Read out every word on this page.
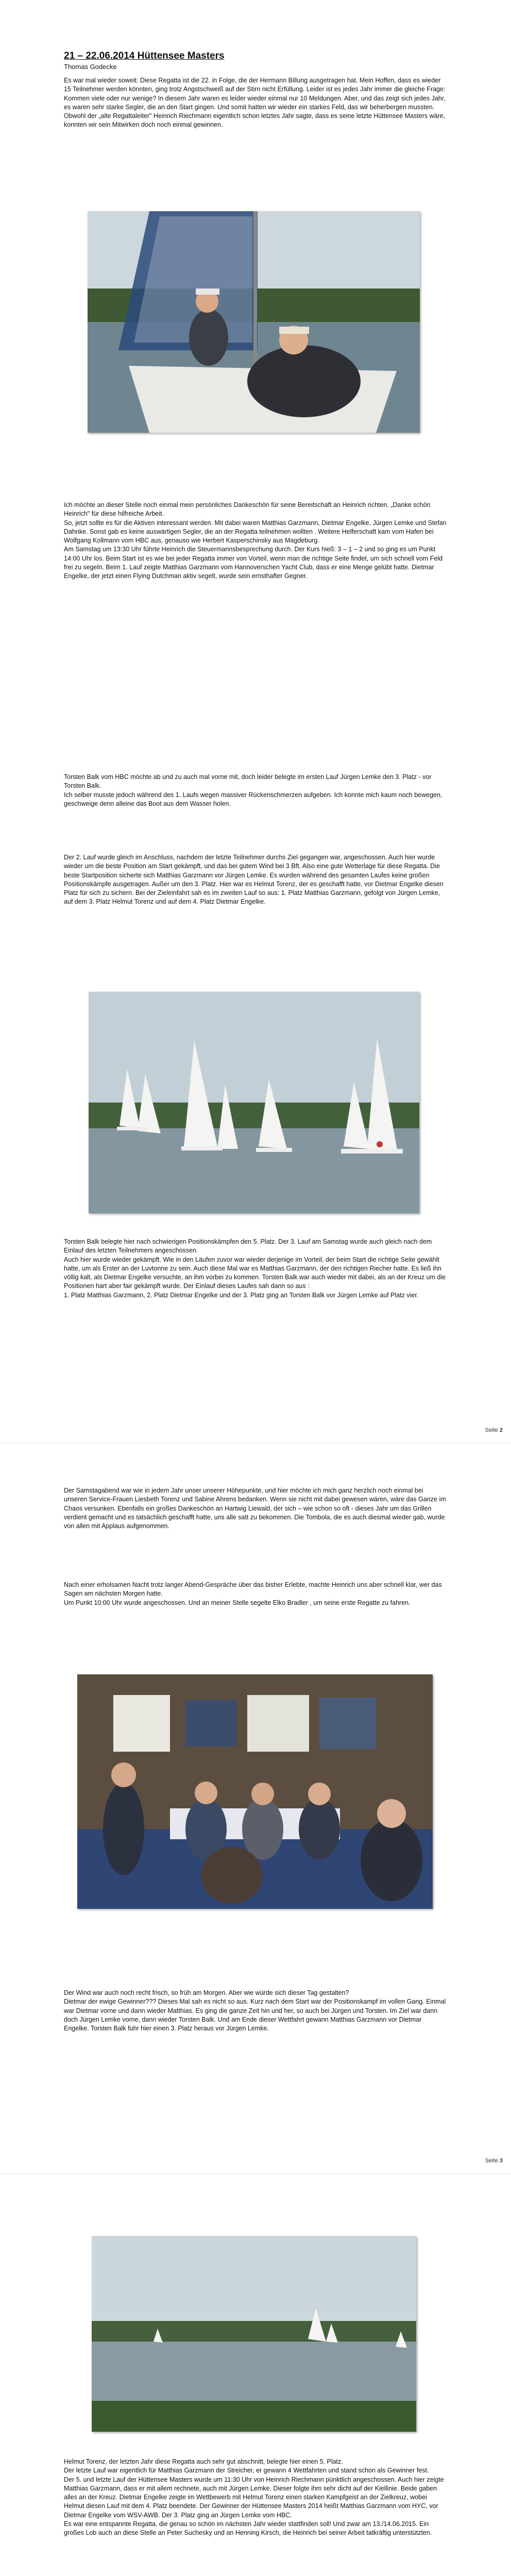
21 – 22.06.2014 Hüttensee Masters
Thomas Godecke

Es war mal wieder soweit. Diese Regatta ist die 22. in Folge, die der Hermann Billung ausgetragen hat. Mein Hoffen, dass es wieder 15 Teilnehmer werden könnten, ging trotz Angstschweiß auf der Stirn nicht Erfüllung. Leider ist es jedes Jahr immer die gleiche Frage: Kommen viele oder nur wenige? In diesem Jahr waren es leider wieder einmal nur 10 Meldungen. Aber, und das zeigt sich jedes Jahr, es waren sehr starke Segler, die an den Start gingen. Und somit hatten wir wieder ein starkes Feld, das wir beherbergen mussten. Obwohl der „alte Regattaleiter" Heinrich Riechmann eigentlich schon letztes Jahr sagte, dass es seine letzte Hüttensee Masters wäre, konnten wir sein Mitwirken doch noch einmal gewinnen.

Ich möchte an dieser Stelle noch einmal mein persönliches Dankeschön für seine Bereitschaft an Heinrich richten. „Danke schön Heinrich" für diese hilfreiche Arbeit.
So, jetzt sollte es für die Aktiven interessant werden. Mit dabei waren Matthias Garzmann, Dietmar Engelke, Jürgen Lemke und Stefan Dahnke. Sonst gab es keine auswärtigen Segler, die an der Regatta teilnehmen wollten . Weitere Helferschaft kam vom Hafen bei Wolfgang Kollmann vom HBC aus, genauso wie Herbert Kasperschinsky aus Magdeburg.
Am Samstag um 13:30 Uhr führte Heinrich die Steuermannsbesprechung durch. Der Kurs hieß: 3 – 1 – 2 und so ging es um Punkt 14:00 Uhr los. Beim Start ist es wie bei jeder Regatta immer von Vorteil, wenn man die richtige Seite findet, um sich schnell vom Feld frei zu segeln. Beim 1. Lauf zeigte Matthias Garzmann vom Hannoverschen Yacht Club, dass er eine Menge gelübt hatte. Dietmar Engelke, der jetzt einen Flying Dutchman aktiv segelt, wurde sein ernsthafter Gegner.

Torsten Balk vom HBC möchte ab und zu auch mal vorne mit, doch leider belegte im ersten Lauf Jürgen Lemke den 3. Platz - vor Torsten Balk.
Ich selber musste jedoch während des 1. Laufs wegen massiver Rückenschmerzen aufgeben. Ich konnte mich kaum noch bewegen, geschweige denn alleine das Boot aus dem Wasser holen.

Der 2. Lauf wurde gleich im Anschluss, nachdem der letzte Teilnehmer durchs Ziel gegangen war, angeschossen. Auch hier wurde wieder um die beste Position am Start gekämpft, und das bei gutem Wind bei 3 Bft. Also eine gute Wetterlage für diese Regatta. Die beste Startposition sicherte sich Matthias Garzmann vor Jürgen Lemke. Es wurden während des gesamten Laufes keine großen Positionskämpfe ausgetragen. Außer um den 3. Platz. Hier war es Helmut Torenz, der es geschafft hatte, vor Dietmar Engelke diesen Platz für sich zu sichern. Bei der Zieleinfahrt sah es im zweiten Lauf so aus: 1. Platz Matthias Garzmann, gefolgt von Jürgen Lemke, auf dem 3. Platz Helmut Torenz und auf dem 4. Platz Dietmar Engelke.

Torsten Balk belegte hier nach schwierigen Positionskämpfen den 5. Platz. Der 3. Lauf am Samstag wurde auch gleich nach dem Einlauf des letzten Teilnehmers angeschossen.
Auch hier wurde wieder gekämpft. Wie in den Läufen zuvor war wieder derjenige im Vorteil, der beim Start die richtige Seite gewählt hatte, um als Erster an der Luvtonne zu sein. Auch diese Mal war es Matthias Garzmann, der den richtigen Riecher hatte. Es ließ ihn völlig kalt, als Dietmar Engelke versuchte, an ihm vorbei zu kommen. Torsten Balk war auch wieder mit dabei, als an der Kreuz um die Positionen hart aber fair gekämpft wurde. Der Einlauf dieses Laufes sah dann so aus :
1. Platz Matthias Garzmann, 2. Platz Dietmar Engelke und der 3. Platz ging an Torsten Balk vor Jürgen Lemke auf Platz vier.

Seite 2

Der Samstagabend war wie in jedem Jahr unser unserer Höhepunkte, und hier möchte ich mich ganz herzlich noch einmal bei unseren Service-Frauen Liesbeth Torenz und Sabine Ahrens bedanken. Wenn sie nicht mit dabei gewesen wären, wäre das Ganze im Chaos versunken. Ebenfalls ein großes Dankeschön an Hartwig Liewald, der sich – wie schon so oft - dieses Jahr um das Grillen verdient gemacht und es tatsächlich geschafft hatte, uns alle satt zu bekommen. Die Tombola, die es auch diesmal wieder gab, wurde von allen mit Applaus aufgenommen.

Nach einer erholsamen Nacht trotz langer Abend-Gespräche über das bisher Erlebte, machte Heinrich uns aber schnell klar, wer das Sagen am nächsten Morgen hatte.
Um Punkt 10:00 Uhr wurde angeschossen. Und an meiner Stelle segelte Elko Bradler , um seine erste Regatte zu fahren.

Der Wind war auch noch recht frisch, so früh am Morgen. Aber wie würde sich dieser Tag gestalten?
Dietmar der ewige Gewinner??? Dieses Mal sah es nicht so aus. Kurz nach dem Start war der Positionskampf im vollen Gang. Einmal war Dietmar vorne und dann wieder Matthias. Es ging die ganze Zeit hin und her, so auch bei Jürgen und Torsten. Im Ziel war dann doch Jürgen Lemke vorne, dann wieder Torsten Balk. Und am Ende dieser Wettfahrt gewann Matthias Garzmann vor Dietmar Engelke. Torsten Balk fuhr hier einen 3. Platz heraus vor Jürgen Lemke.

Seite 3

Helmut Torenz, der letzten Jahr diese Regatta auch sehr gut abschnitt, belegte hier einen 5. Platz.
Der letzte Lauf war eigentlich für Matthias Garzmann der Streicher, er gewann 4 Wettfahrten und stand schon als Gewinner fest.
Der 5. und letzte Lauf der Hüttensee Masters wurde um 11:30 Uhr von Heinrich Riechmann pünktlich angeschossen. Auch hier zeigte Matthias Garzmann, dass er mit allem rechnete, auch mit Jürgen Lemke. Dieser folgte ihm sehr dicht auf der Kiellinie. Beide gaben alles an der Kreuz. Dietmar Engelke zeigte im Wettbewerb mit Helmut Torenz einen starken Kampfgeist an der Zielkreuz, wobei Helmut diesen Lauf mit dem 4. Platz beendete. Der Gewinner der Hüttensee Masters 2014 heißt Matthias Garzmann vom HYC, vor Dietmar Engelke vom WSV-AWB. Der 3. Platz ging an Jürgen Lemke vom HBC.
Es war eine entspannte Regatta, die genau so schön im nächsten Jahr wieder stattfinden soll! Und zwar am 13./14.06.2015. Ein großes Lob auch an diese Stelle an Peter Suchesky und an Henning Kirsch, die Heinrich bei seiner Arbeit tatkräftig unterstützten.
